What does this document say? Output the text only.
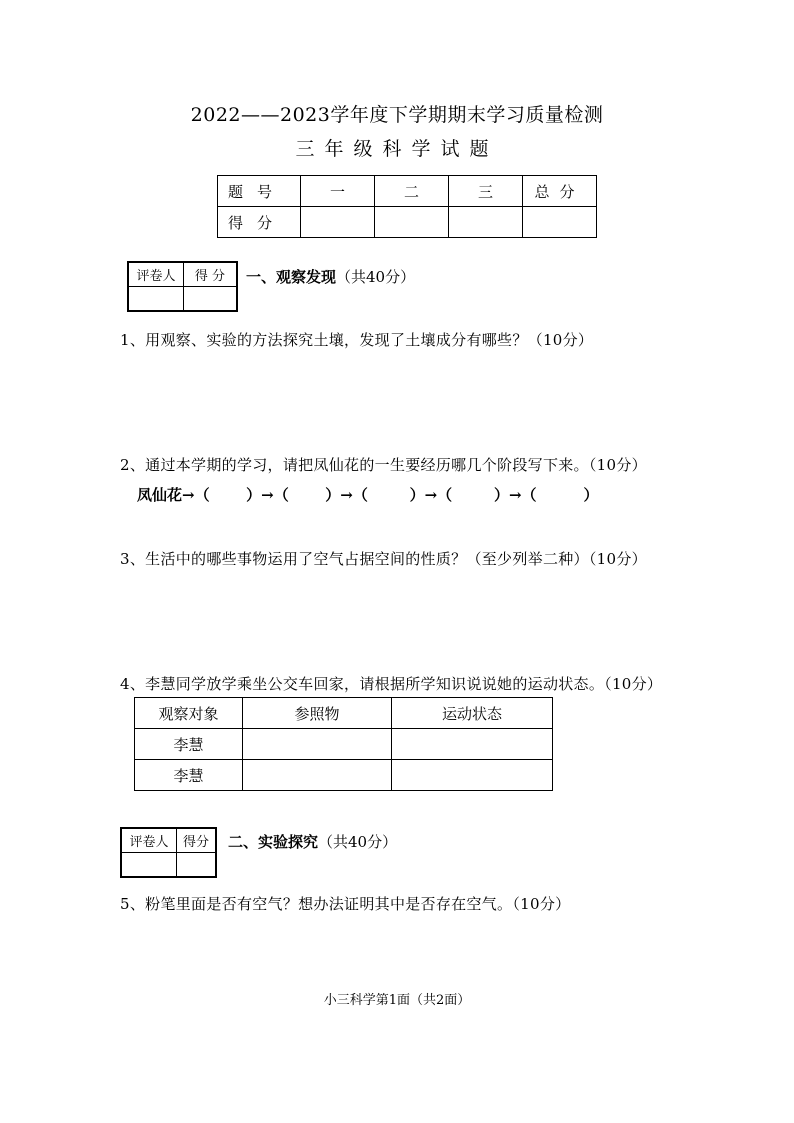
2022——2023学年度下学期期末学习质量检测
三年级科学试题
题号	一	二	三	总分
得分				
评卷人	得 分
	一、观察发现（共40分）
1、用观察、实验的方法探究土壤，发现了土壤成分有哪些？（10分）
2、通过本学期的学习，请把凤仙花的一生要经历哪几个阶段写下来。（10分）
凤仙花→（       ）→（       ）→（        ）→（        ）→（         ）
3、生活中的哪些事物运用了空气占据空间的性质？（至少列举二种）（10分）
4、李慧同学放学乘坐公交车回家，请根据所学知识说说她的运动状态。（10分）
观察对象	参照物	运动状态
李慧		
李慧		
评卷人	得分
	二、实验探究（共40分）
5、粉笔里面是否有空气？想办法证明其中是否存在空气。（10分）
小三科学第1面（共2面）
